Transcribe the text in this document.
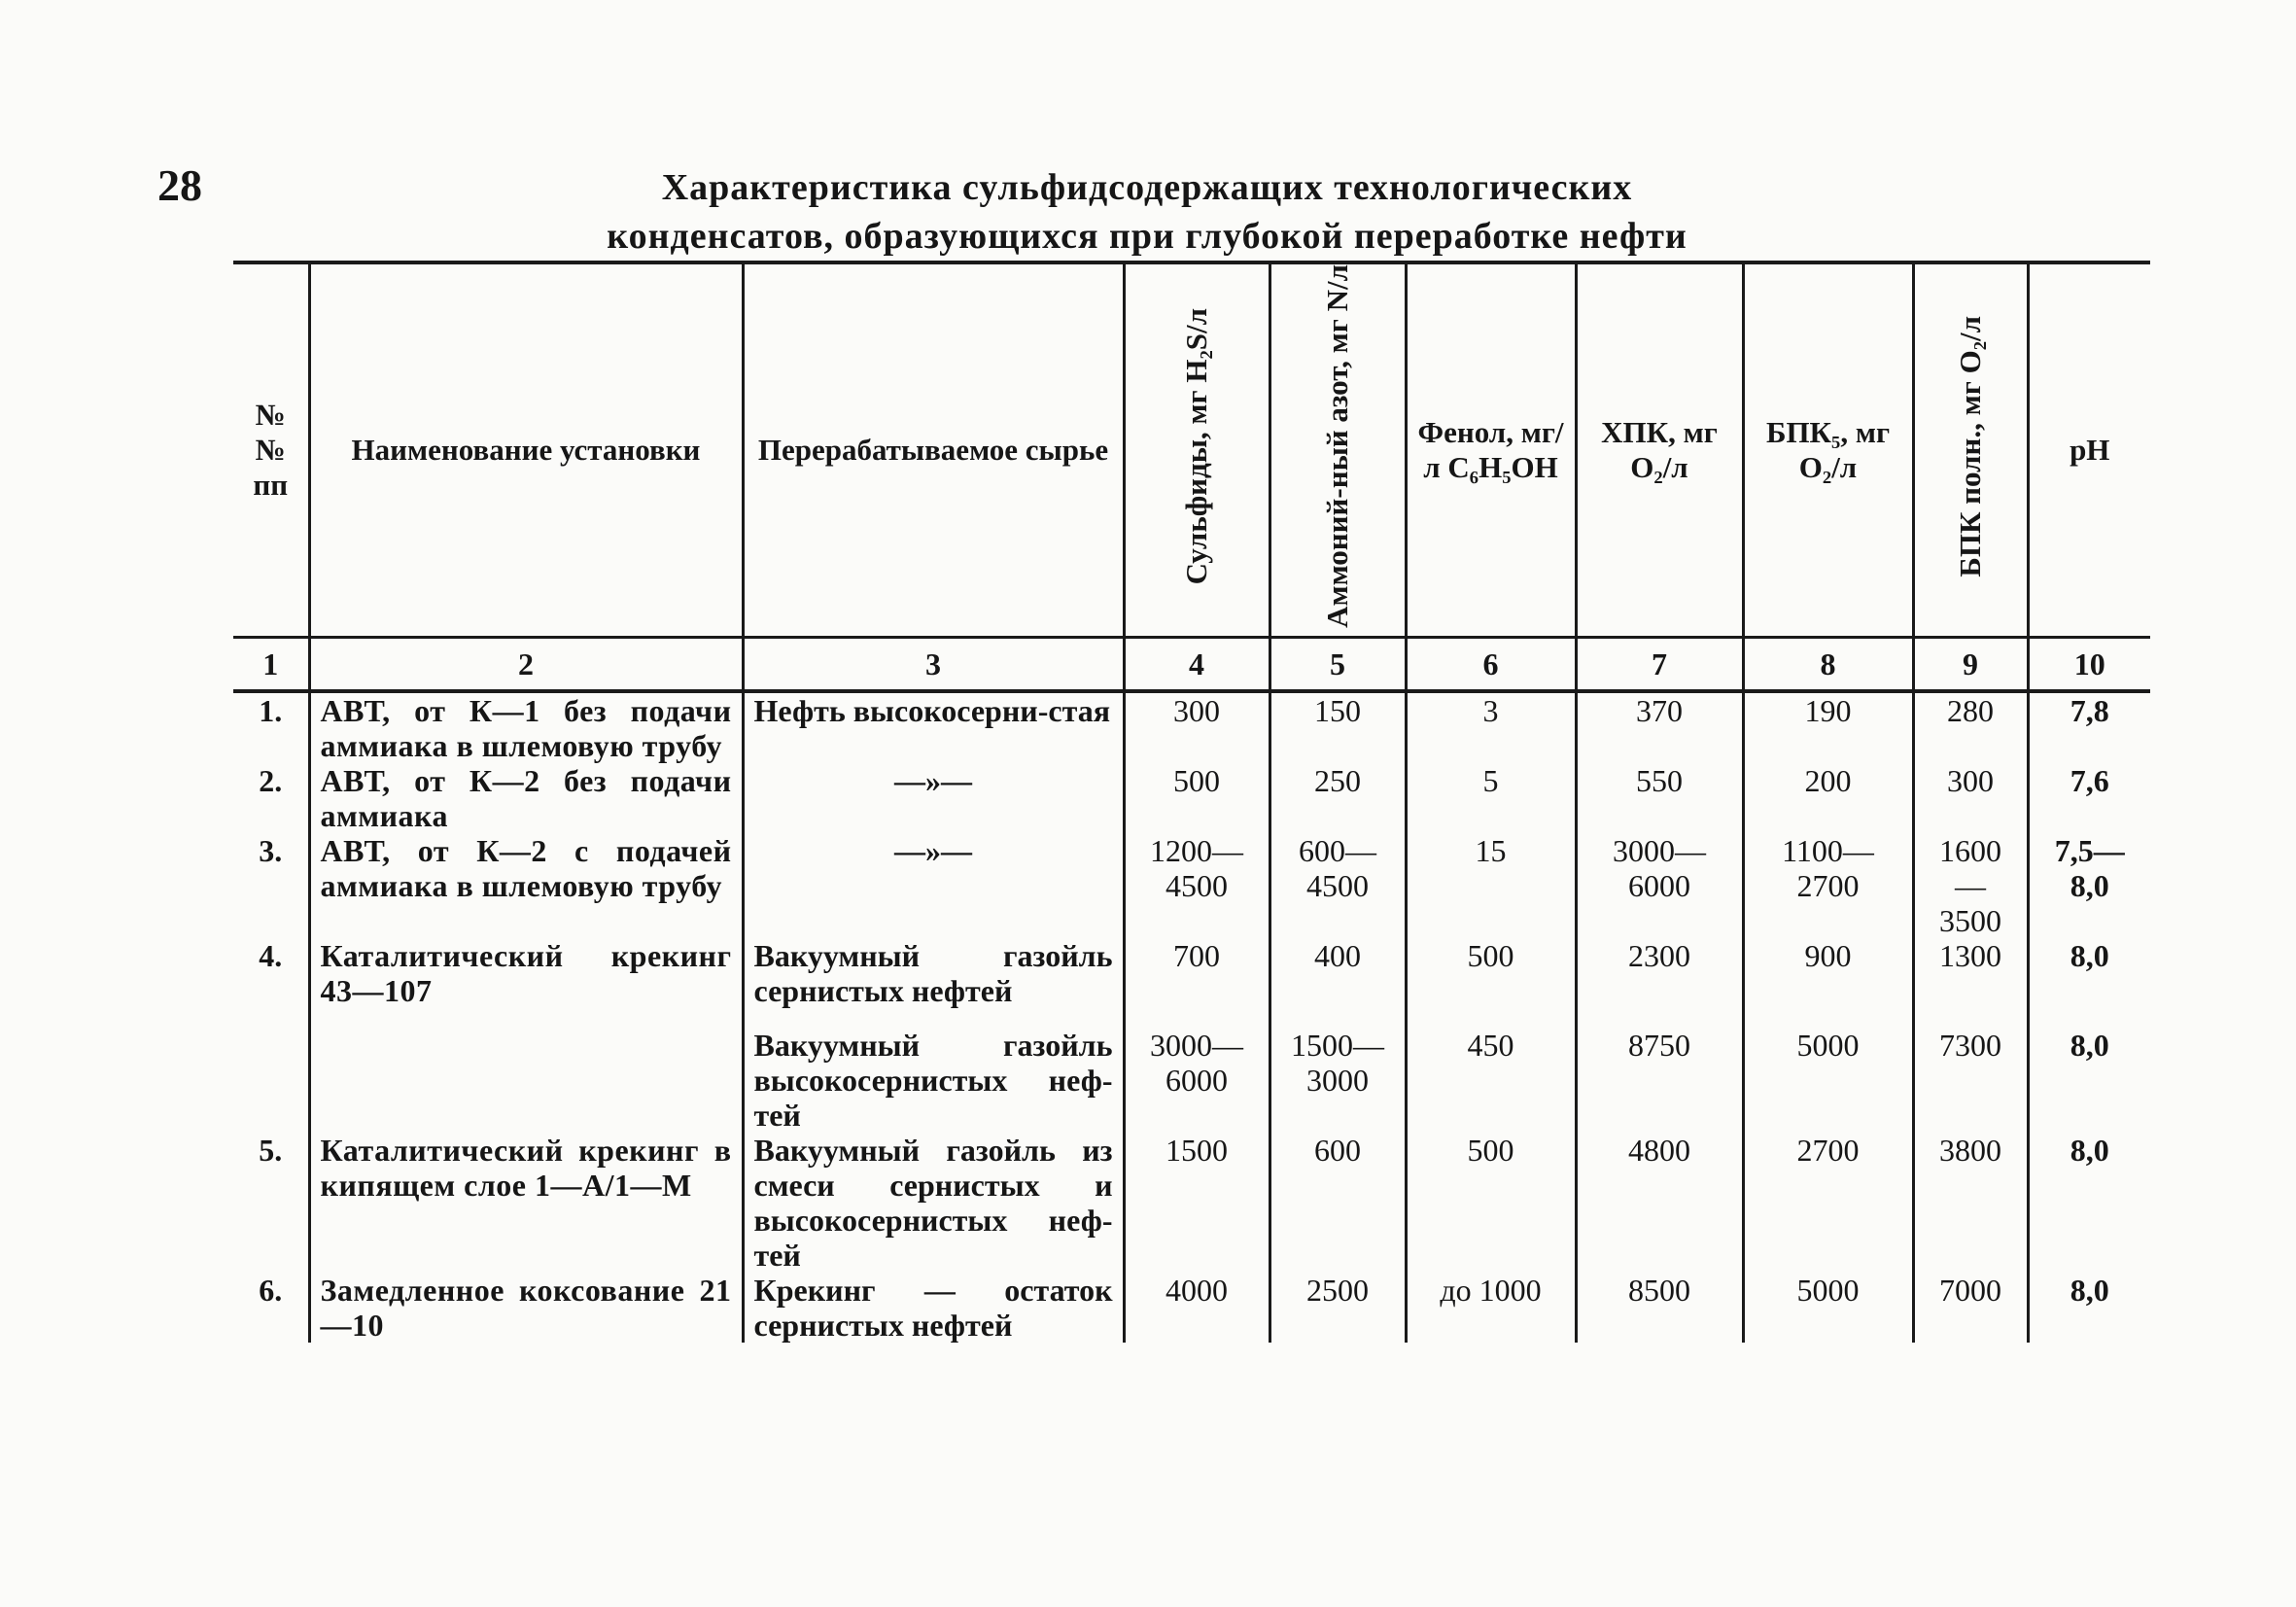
28	Характеристика сульфидсодержащих технологических
конденсатов, образующихся при глубокой переработке нефти
№№ пп	Наименование установки	Перерабатываемое сырье	Сульфиды, мг H₂S/л	Аммоний-ный азот, мг N/л	Фенол, мг/л C₆H₅OH	ХПК, мг O₂/л	БПК₅, мг O₂/л	БПК полн., мг O₂/л	pH
1	2	3	4	5	6	7	8	9	10
1.	АВТ, от К—1 без подачи аммиака в шлемовую трубу	Нефть высокосерни-стая	300	150	3	370	190	280	7,8
2.	АВТ, от К—2 без подачи аммиака	—»—	500	250	5	550	200	300	7,6
3.	АВТ, от К—2 с подачей аммиака в шлемовую трубу	—»—	1200—4500	600—4500	15	3000—6000	1100—2700	1600—3500	7,5—8,0
4.	Каталитический крекинг 43—107	Вакуумный газойль сернистых нефтей	700	400	500	2300	900	1300	8,0
		Вакуумный газойль высокосернистых неф-тей	3000—6000	1500—3000	450	8750	5000	7300	8,0
5.	Каталитический крекинг в кипящем слое 1—А/1—М	Вакуумный газойль из смеси сернистых и высокосернистых неф-тей	1500	600	500	4800	2700	3800	8,0
6.	Замедленное коксование 21—10	Крекинг — остаток сернистых нефтей	4000	2500	до 1000	8500	5000	7000	8,0
